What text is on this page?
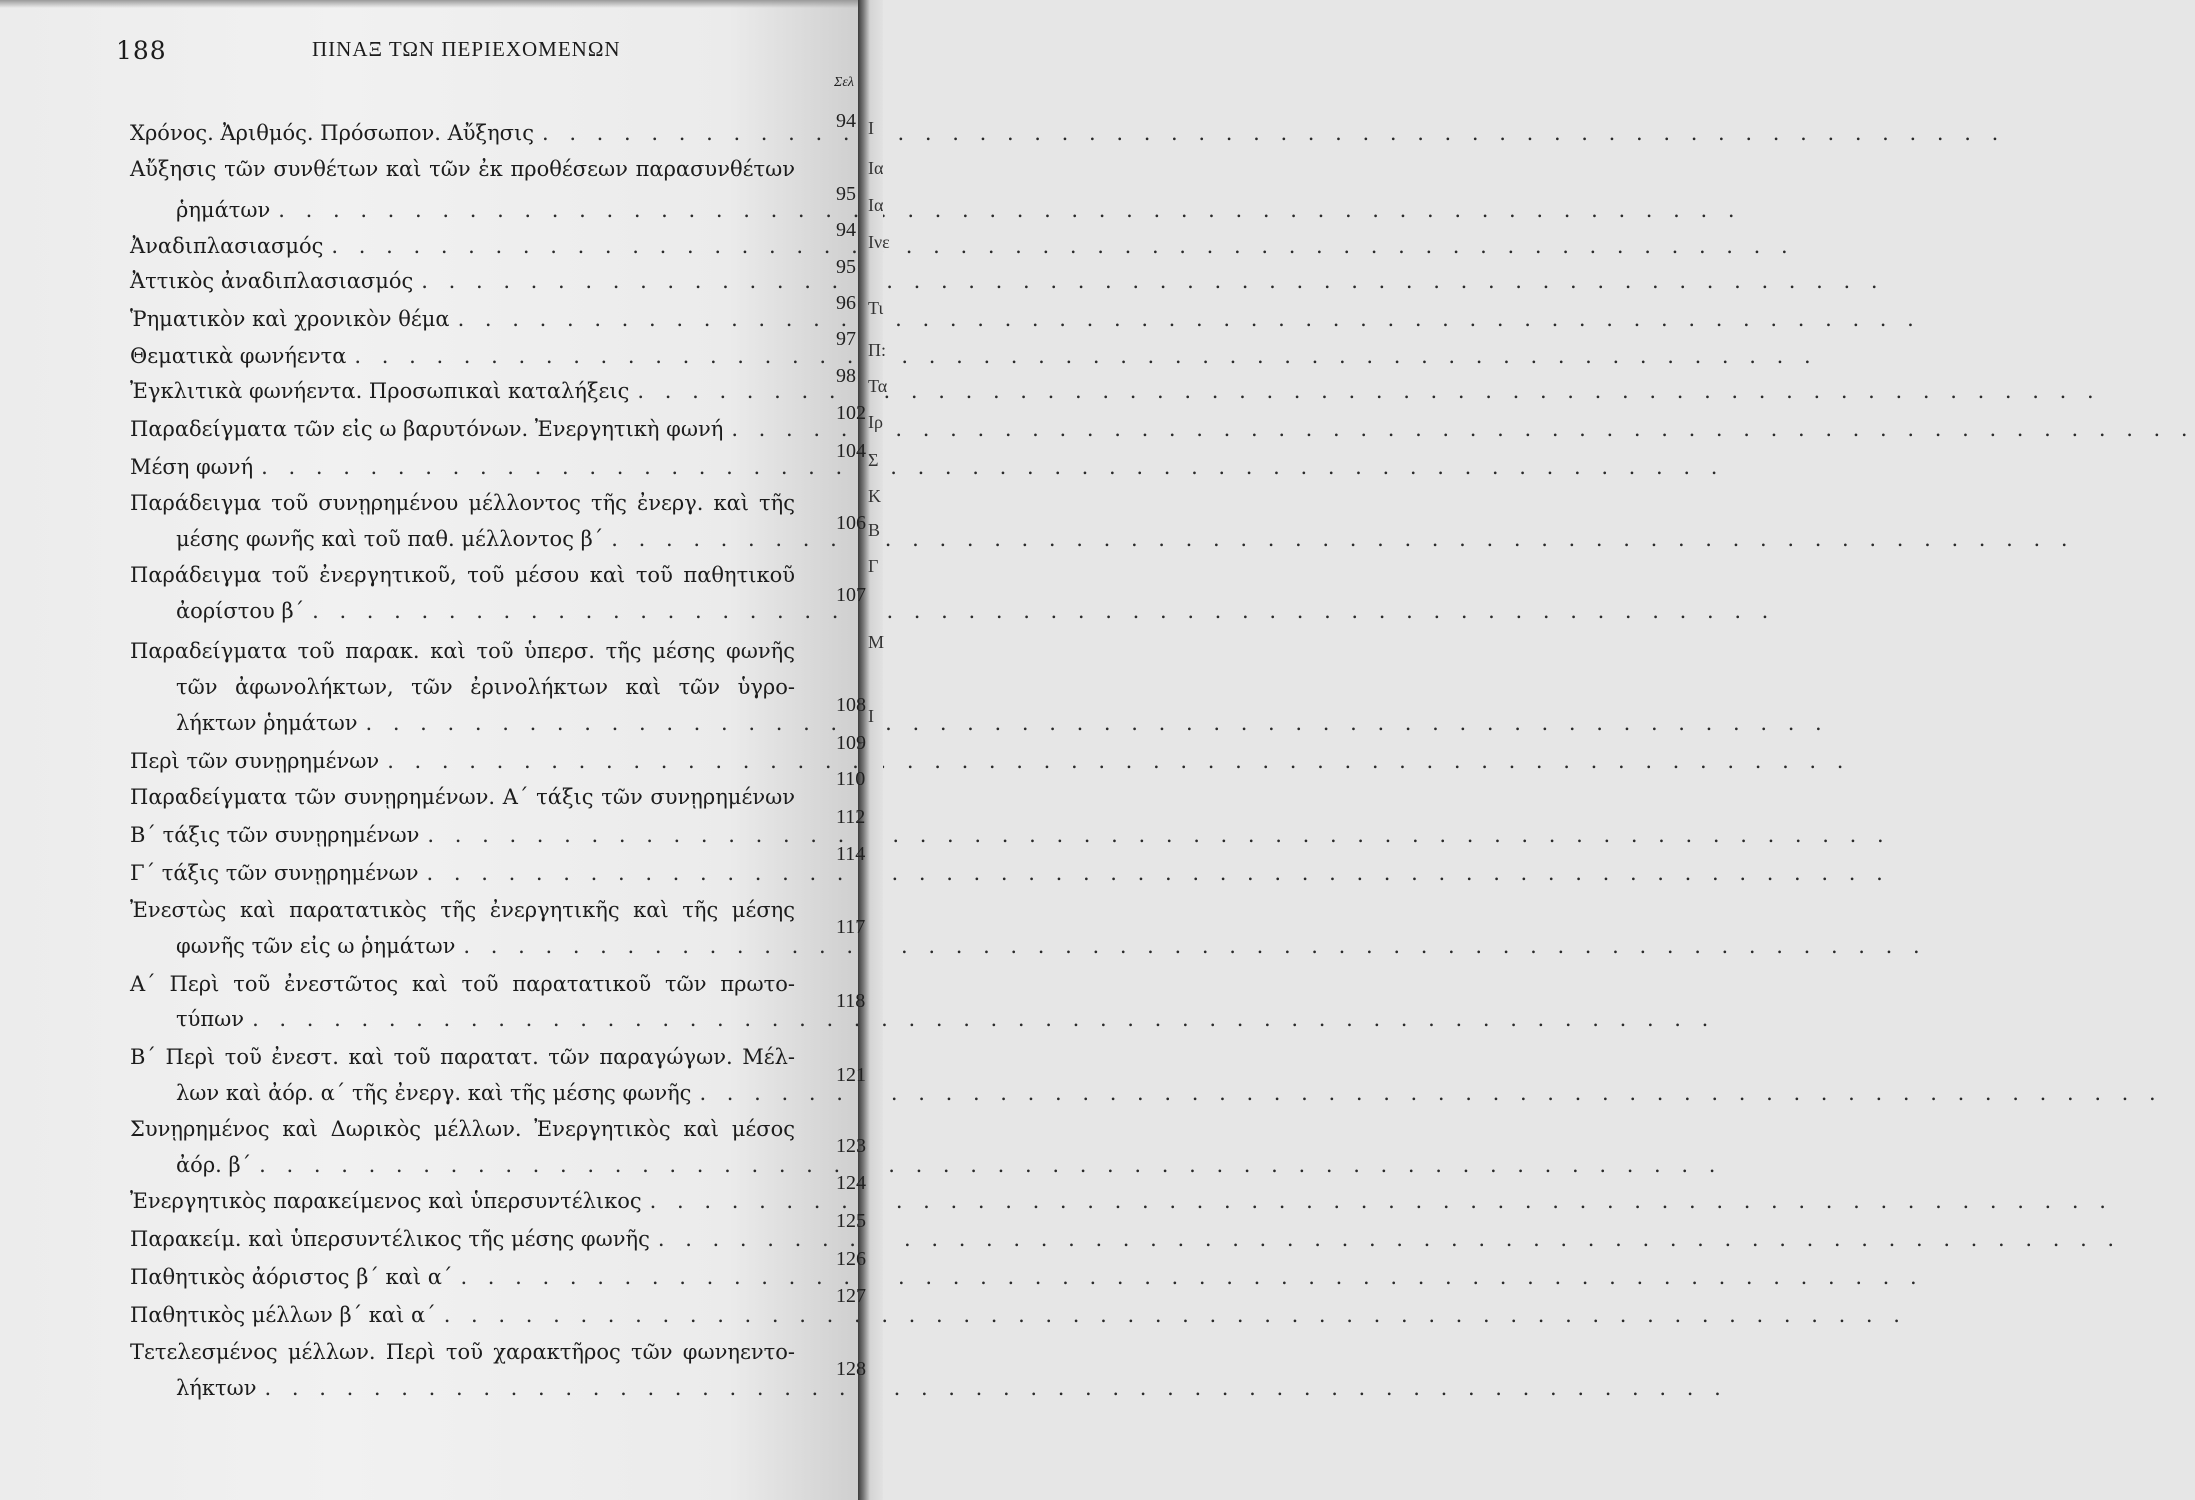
188	ΠΙΝΑΞ ΤΩΝ ΠΕΡΙΕΧΟΜΕΝΩΝ
Χρόνος. Ἀριθμός. Πρόσωπον. Αὔξησις
. . .
Αὔξησις τῶν συνθέτων καὶ τῶν ἐκ προθέσεων παρασυνθέτων
ῥημάτων
. . .
Ἀναδιπλασιασμός
. . .
Ἀττικὸς ἀναδιπλασιασμός
. . .
Ῥηματικὸν καὶ χρονικὸν θέμα
. . .
Θεματικὰ φωνήεντα
. . .
Ἐγκλιτικὰ φωνήεντα. Προσωπικαὶ καταλήξεις
. . .
Παραδείγματα τῶν εἰς ω βαρυτόνων. Ἐνεργητικὴ φωνή
. . .
Μέση φωνή
. . .
Παράδειγμα τοῦ συνῃρημένου μέλλοντος τῆς ἐνεργ. καὶ τῆς
μέσης φωνῆς καὶ τοῦ παθ. μέλλοντος β´
. . .
Παράδειγμα τοῦ ἐνεργητικοῦ, τοῦ μέσου καὶ τοῦ παθητικοῦ
ἀορίστου β´
. . .
Παραδείγματα τοῦ παρακ. καὶ τοῦ ὑπερσ. τῆς μέσης φωνῆς
τῶν ἀφωνολήκτων, τῶν ἐρινολήκτων καὶ τῶν ὑγρο-
λήκτων ῥημάτων
. . .
Περὶ τῶν συνῃρημένων
. . .
Παραδείγματα τῶν συνῃρημένων. Α´ τάξις τῶν συνῃρημένων
Β´ τάξις τῶν συνῃρημένων
. . .
Γ´ τάξις τῶν συνῃρημένων
. . .
Ἐνεστὼς καὶ παρατατικὸς τῆς ἐνεργητικῆς καὶ τῆς μέσης
φωνῆς τῶν εἰς ω ῥημάτων
. . .
Α´ Περὶ τοῦ ἐνεστῶτος καὶ τοῦ παρατατικοῦ τῶν πρωτο-
τύπων
. . .
Β´ Περὶ τοῦ ἐνεστ. καὶ τοῦ παρατατ. τῶν παραγώγων. Μέλ-
λων καὶ ἀόρ. α´ τῆς ἐνεργ. καὶ τῆς μέσης φωνῆς
. . .
Συνῃρημένος καὶ Δωρικὸς μέλλων. Ἐνεργητικὸς καὶ μέσος
ἀόρ. β´
. . .
Ἐνεργητικὸς παρακείμενος καὶ ὑπερσυντέλικος
. . .
Παρακείμ. καὶ ὑπερσυντέλικος τῆς μέσης φωνῆς
. . .
Παθητικὸς ἀόριστος β´ καὶ α´
. . .
Παθητικὸς μέλλων β´ καὶ α´
. . .
Τετελεσμένος μέλλων. Περὶ τοῦ χαρακτῆρος τῶν φωνηεντο-
λήκτων
. . .
Σελ
94
95
94
95
96
97
98
102
104
106
107
108
109
110
112
114
117
118
121
123
124
125
126
127
128
Ι
Ια
Ια
Ινε
Τι
Π:
Τα
Ιρ
Σ
Κ
Β
Γ
Μ
Ι
